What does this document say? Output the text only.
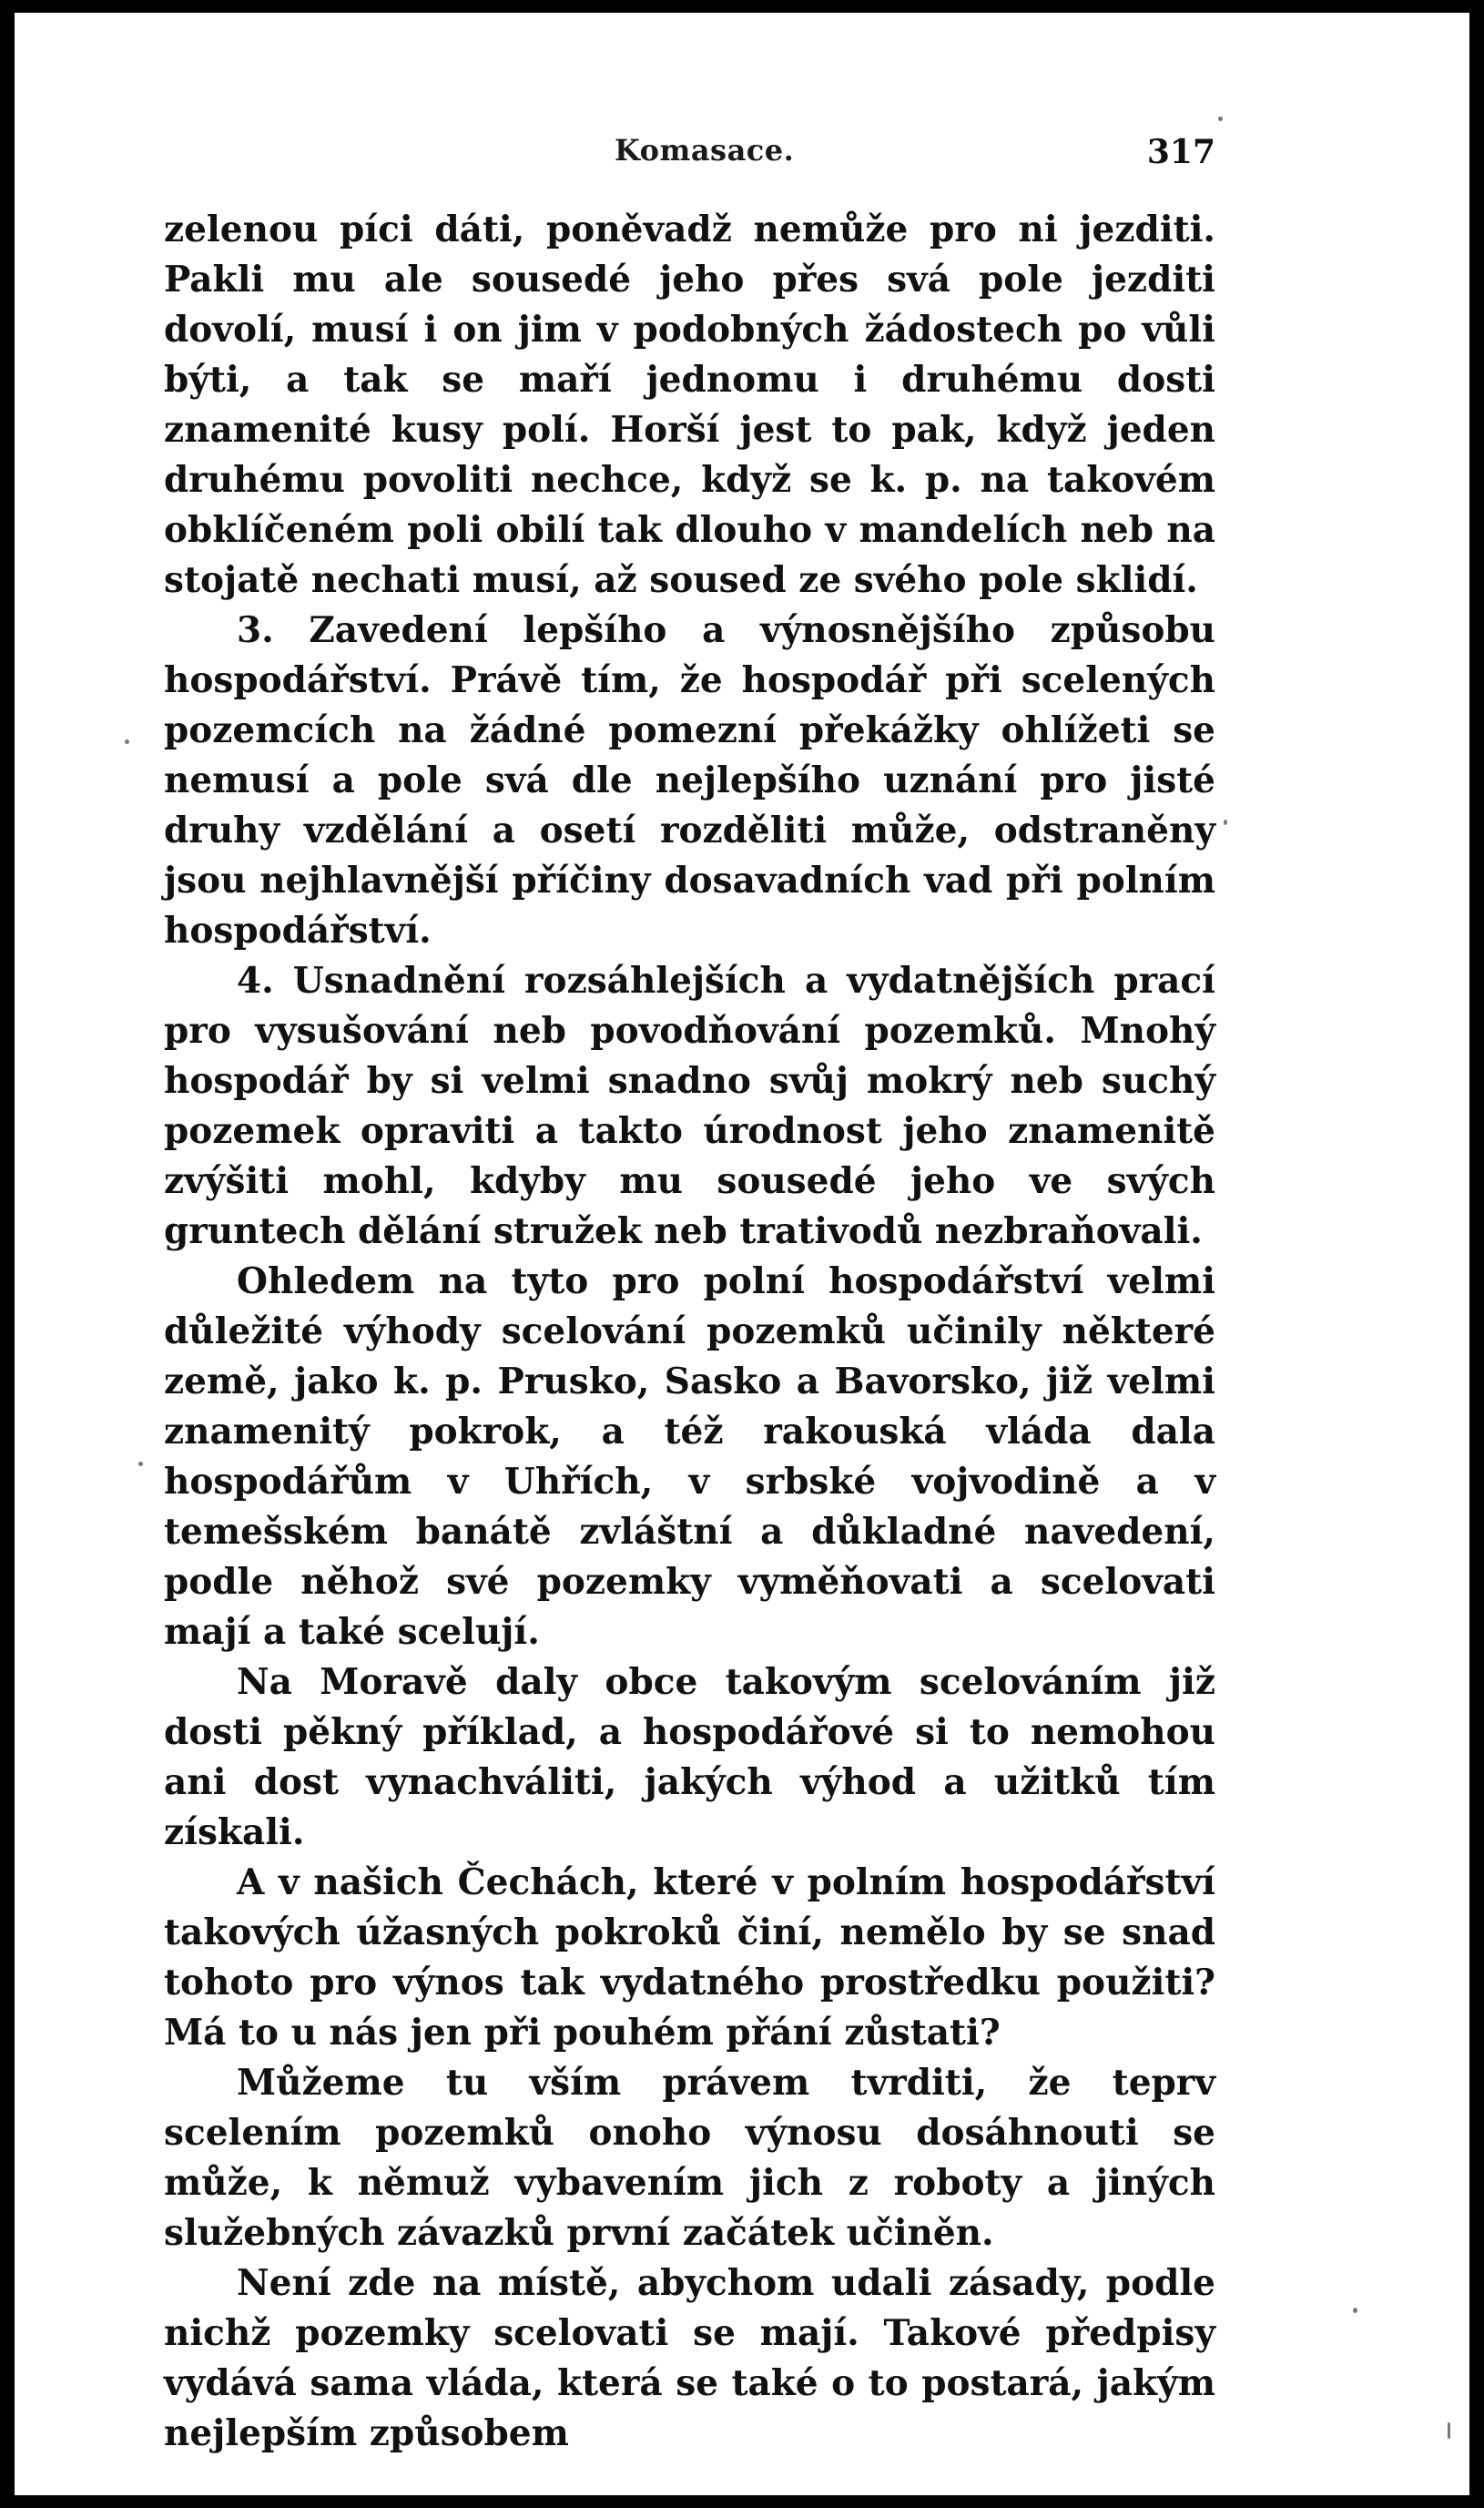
Komasace.	317

zelenou píci dáti, poněvadž nemůže pro ni jezditi. Pakli mu ale sousedé jeho přes svá pole jezditi dovolí, musí i on jim v podobných žádostech po vůli býti, a tak se maří jednomu i druhému dosti znamenité kusy polí. Horší jest to pak, když jeden druhému povoliti nechce, když se k. p. na takovém obklíčeném poli obilí tak dlouho v mandelích neb na stojatě nechati musí, až soused ze svého pole sklidí.

3. Zavedení lepšího a výnosnějšího způsobu hospodářství. Právě tím, že hospodář při scelených pozemcích na žádné pomezní překážky ohlížeti se nemusí a pole svá dle nejlepšího uznání pro jisté druhy vzdělání a osetí rozděliti může, odstraněny jsou nejhlavnější příčiny dosavadních vad při polním hospodářství.

4. Usnadnění rozsáhlejších a vydatnějších prací pro vysušování neb povodňování pozemků. Mnohý hospodář by si velmi snadno svůj mokrý neb suchý pozemek opraviti a takto úrodnost jeho znamenitě zvýšiti mohl, kdyby mu sousedé jeho ve svých gruntech dělání stružek neb trativodů nezbraňovali.

Ohledem na tyto pro polní hospodářství velmi důležité výhody scelování pozemků učinily některé země, jako k. p. Prusko, Sasko a Bavorsko, již velmi znamenitý pokrok, a též rakouská vláda dala hospodářům v Uhřích, v srbské vojvodině a v temešském banátě zvláštní a důkladné navedení, podle něhož své pozemky vyměňovati a scelovati mají a také scelují.

Na Moravě daly obce takovým scelováním již dosti pěkný příklad, a hospodářové si to nemohou ani dost vynachváliti, jakých výhod a užitků tím získali.

A v našich Čechách, které v polním hospodářství takových úžasných pokroků činí, nemělo by se snad tohoto pro výnos tak vydatného prostředku použiti? Má to u nás jen při pouhém přání zůstati?

Můžeme tu vším právem tvrditi, že teprv scelením pozemků onoho výnosu dosáhnouti se může, k němuž vybavením jich z roboty a jiných služebných závazků první začátek učiněn.

Není zde na místě, abychom udali zásady, podle nichž pozemky scelovati se mají. Takové předpisy vydává sama vláda, která se také o to postará, jakým nejlepším způsobem
